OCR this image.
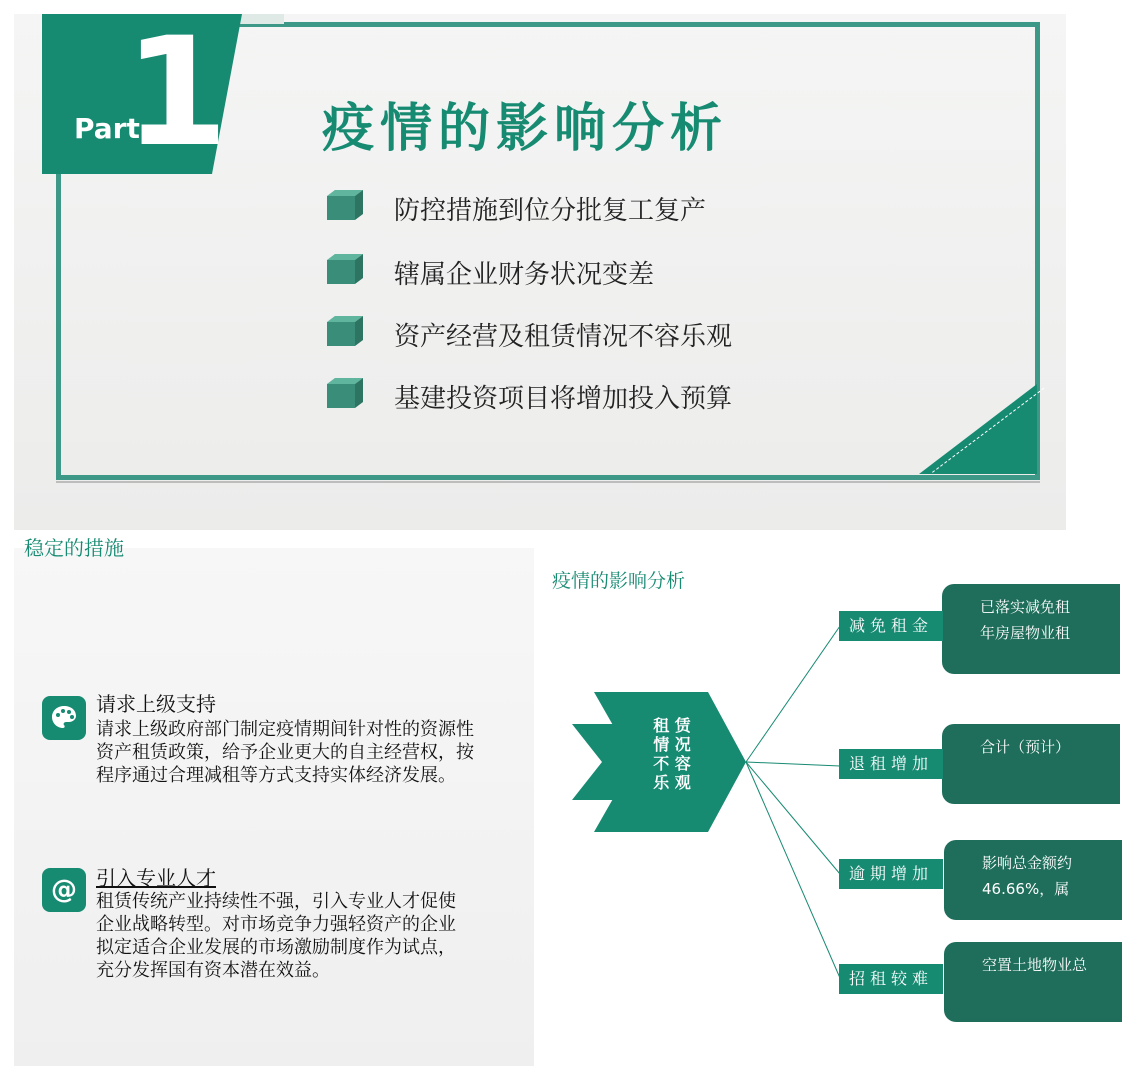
Part
1 疫情的影响分析
防控措施到位分批复工复产
辖属企业财务状况变差
资产经营及租赁情况不容乐观
基建投资项目将增加投入预算
稳定的措施
请求上级支持
请求上级政府部门制定疫情期间针对性的资源性
资产租赁政策，给予企业更大的自主经营权，按
程序通过合理减租等方式支持实体经济发展。
@ 引入专业人才
租赁传统产业持续性不强，引入专业人才促使
企业战略转型。对市场竞争力强轻资产的企业
拟定适合企业发展的市场激励制度作为试点，
充分发挥国有资本潜在效益。
疫情的影响分析
租 赁
情 况
不 容
乐 观
已落实减免租
年房屋物业租
减免租金
合计（预计）
退租增加
影响总金额约
46.66%，属
逾期增加
空置土地物业总
招租较难
